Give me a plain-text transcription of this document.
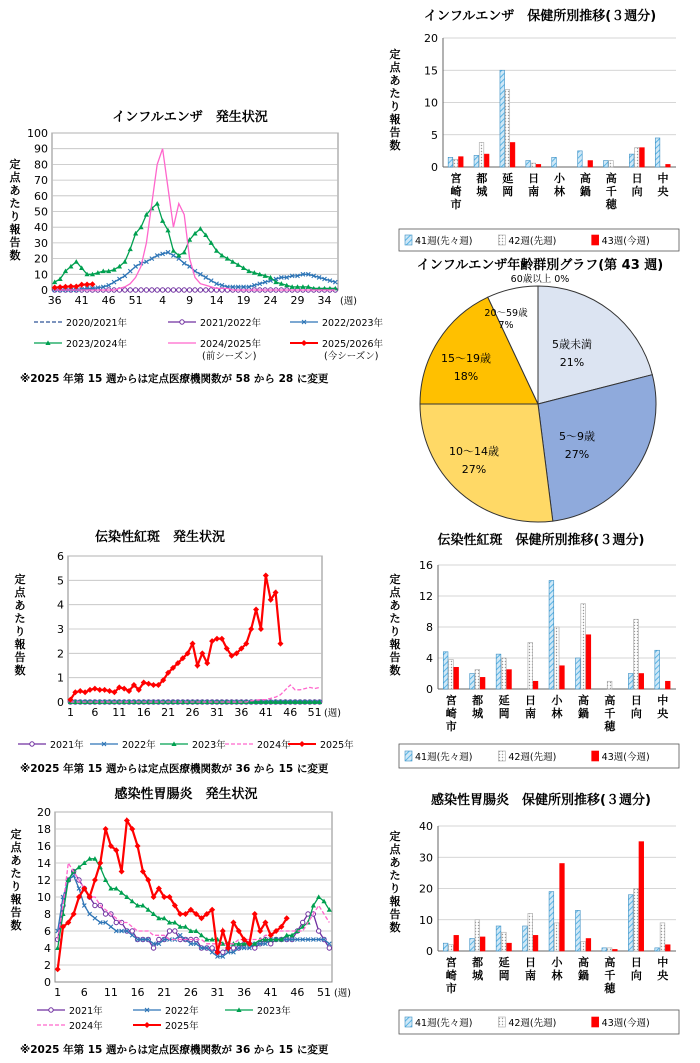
0
10
20
30
40
50
60
70
80
90
100
36 41 46 51 4 9 14 19 24 29 34 (週)
インフルエンザ　発生状況
定
点
あ
た
り
報
告
数
2020/2021年	2021/2022年	2022/2023年
2023/2024年	2024/2025年
(前シーズン)
2025/2026年
(今シーズン)
※2025 年第 15 週からは定点医療機関数が 58 から 28 に変更
0
5
10
15
20
宮
崎
市
都
城
延
岡
日
南
小
林
高
鍋
高
千
穂
日
向
中
央
インフルエンザ　保健所別推移(３週分)
定
点
あ
た
り
報
告
数
41週(先々週)	42週(先週)	43週(今週)
インフルエンザ年齢群別グラフ(第 43 週)
60歳以上 0%
5歳未満
21%
5～9歳
27%
10～14歳
27%
15～19歳
18%
20～59歳
7%
0
1
2
3
4
5
6
1 6 11 16 21 26 31 36 41 46 51 (週)
伝染性紅斑　発生状況
定
点
あ
た
り
報
告
数
2021年	2022年	2023年	2024年	2025年
※2025 年第 15 週からは定点医療機関数が 36 から 15 に変更
0
4
8
12
16
宮
崎
市
都
城
延
岡
日
南
小
林
高
鍋
高
千
穂
日
向
中
央
伝染性紅斑　保健所別推移(３週分)
定
点
あ
た
り
報
告
数
41週(先々週)	42週(先週)	43週(今週)
0
2
4
6
8
10
12
14
16
18
20
1 6 11 16 21 26 31 36 41 46 51 (週)
感染性胃腸炎　発生状況
定
点
あ
た
り
報
告
数
2021年	2022年	2023年
2024年	2025年
※2025 年第 15 週からは定点医療機関数が 36 から 15 に変更
0
10
20
30
40
宮
崎
市
都
城
延
岡
日
南
小
林
高
鍋
高
千
穂
日
向
中
央
感染性胃腸炎　保健所別推移(３週分)
定
点
あ
た
り
報
告
数
41週(先々週)	42週(先週)	43週(今週)
